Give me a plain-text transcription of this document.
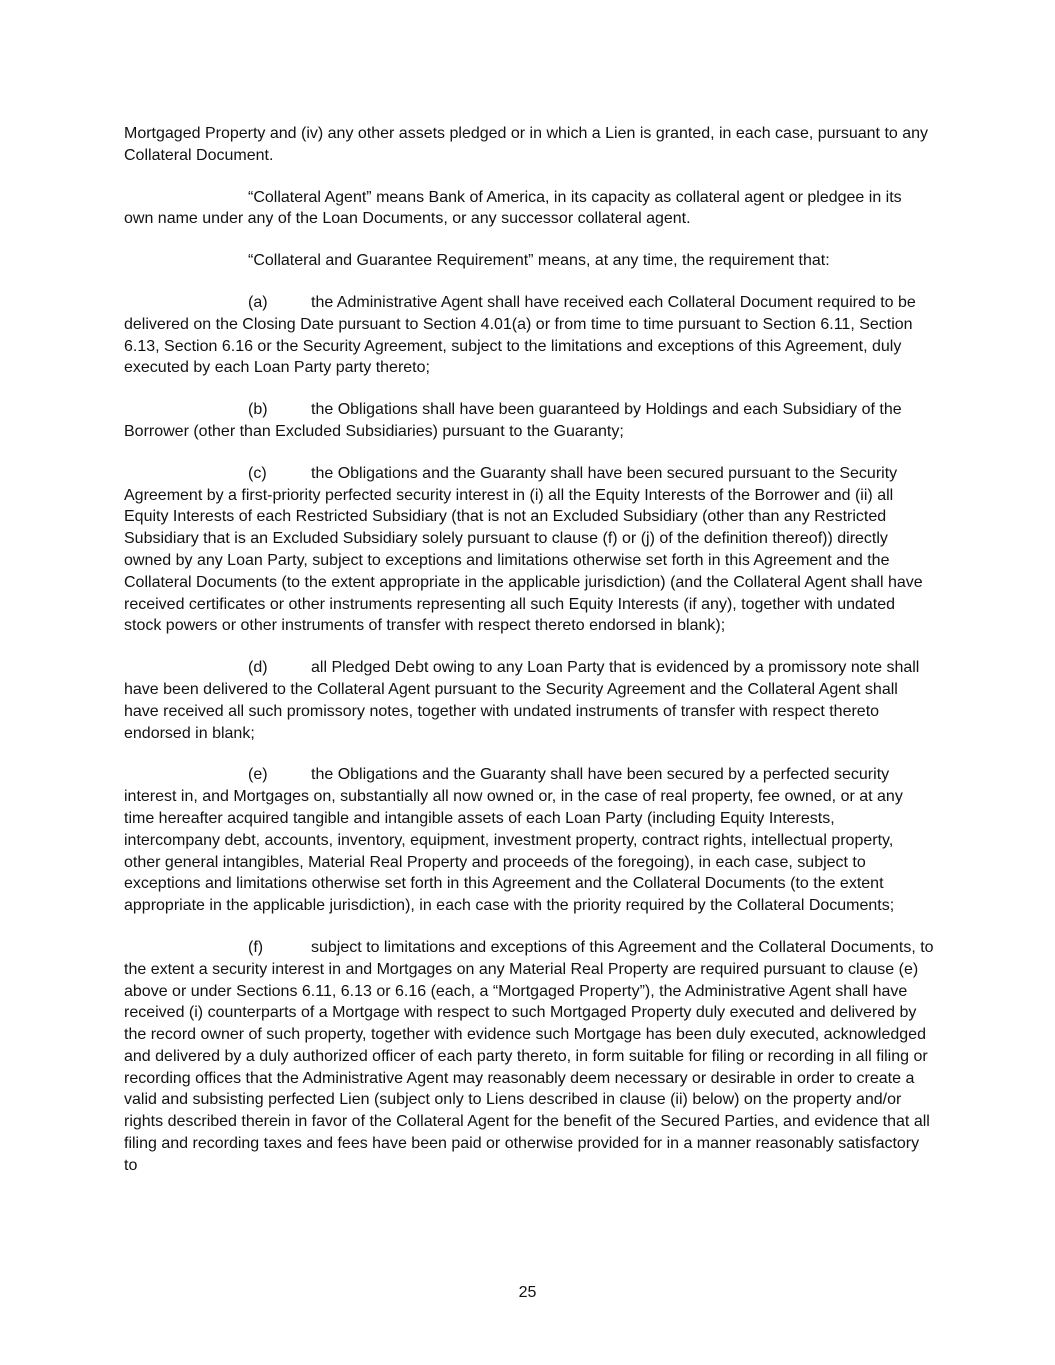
Mortgaged Property and (iv) any other assets pledged or in which a Lien is granted, in each case, pursuant to any Collateral Document.

“Collateral Agent” means Bank of America, in its capacity as collateral agent or pledgee in its own name under any of the Loan Documents, or any successor collateral agent.

“Collateral and Guarantee Requirement” means, at any time, the requirement that:

(a)	the Administrative Agent shall have received each Collateral Document required to be delivered on the Closing Date pursuant to Section 4.01(a) or from time to time pursuant to Section 6.11, Section 6.13, Section 6.16 or the Security Agreement, subject to the limitations and exceptions of this Agreement, duly executed by each Loan Party party thereto;

(b)	the Obligations shall have been guaranteed by Holdings and each Subsidiary of the Borrower (other than Excluded Subsidiaries) pursuant to the Guaranty;

(c)	the Obligations and the Guaranty shall have been secured pursuant to the Security Agreement by a first-priority perfected security interest in (i) all the Equity Interests of the Borrower and (ii) all Equity Interests of each Restricted Subsidiary (that is not an Excluded Subsidiary (other than any Restricted Subsidiary that is an Excluded Subsidiary solely pursuant to clause (f) or (j) of the definition thereof)) directly owned by any Loan Party, subject to exceptions and limitations otherwise set forth in this Agreement and the Collateral Documents (to the extent appropriate in the applicable jurisdiction) (and the Collateral Agent shall have received certificates or other instruments representing all such Equity Interests (if any), together with undated stock powers or other instruments of transfer with respect thereto endorsed in blank);

(d)	all Pledged Debt owing to any Loan Party that is evidenced by a promissory note shall have been delivered to the Collateral Agent pursuant to the Security Agreement and the Collateral Agent shall have received all such promissory notes, together with undated instruments of transfer with respect thereto endorsed in blank;

(e)	the Obligations and the Guaranty shall have been secured by a perfected security interest in, and Mortgages on, substantially all now owned or, in the case of real property, fee owned, or at any time hereafter acquired tangible and intangible assets of each Loan Party (including Equity Interests, intercompany debt, accounts, inventory, equipment, investment property, contract rights, intellectual property, other general intangibles, Material Real Property and proceeds of the foregoing), in each case, subject to exceptions and limitations otherwise set forth in this Agreement and the Collateral Documents (to the extent appropriate in the applicable jurisdiction), in each case with the priority required by the Collateral Documents;

(f)	subject to limitations and exceptions of this Agreement and the Collateral Documents, to the extent a security interest in and Mortgages on any Material Real Property are required pursuant to clause (e) above or under Sections 6.11, 6.13 or 6.16 (each, a “Mortgaged Property”), the Administrative Agent shall have received (i) counterparts of a Mortgage with respect to such Mortgaged Property duly executed and delivered by the record owner of such property, together with evidence such Mortgage has been duly executed, acknowledged and delivered by a duly authorized officer of each party thereto, in form suitable for filing or recording in all filing or recording offices that the Administrative Agent may reasonably deem necessary or desirable in order to create a valid and subsisting perfected Lien (subject only to Liens described in clause (ii) below) on the property and/or rights described therein in favor of the Collateral Agent for the benefit of the Secured Parties, and evidence that all filing and recording taxes and fees have been paid or otherwise provided for in a manner reasonably satisfactory to

25
